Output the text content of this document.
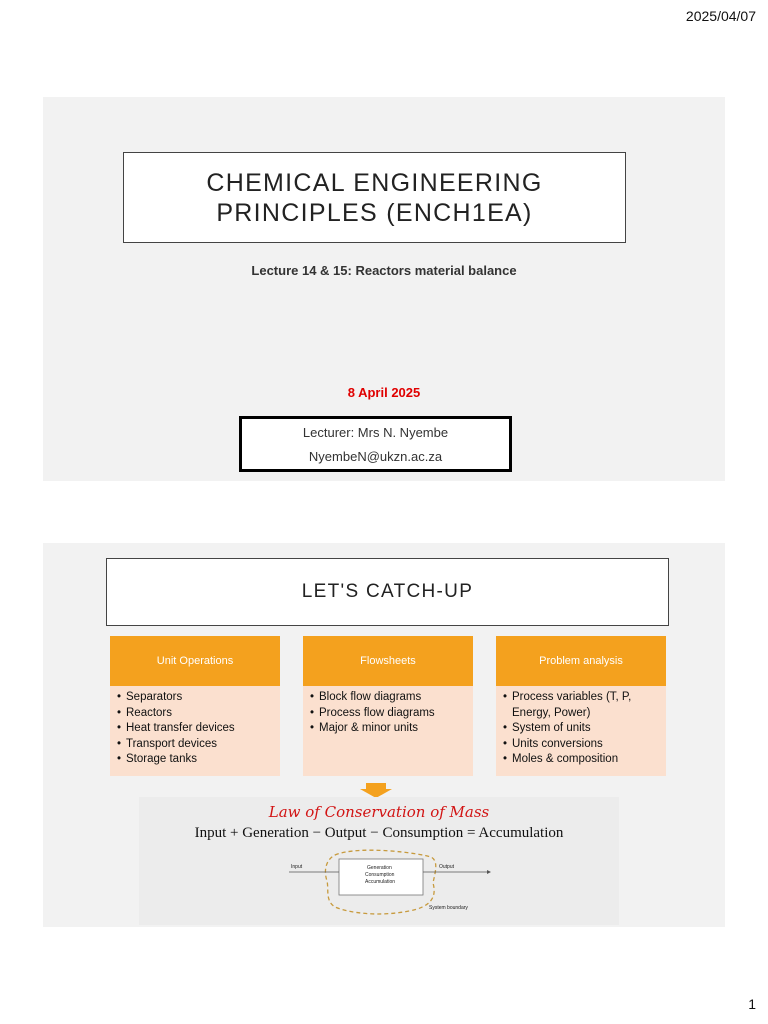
2025/04/07
CHEMICAL ENGINEERING PRINCIPLES (ENCH1EA)
Lecture 14 & 15: Reactors material balance
8 April 2025
Lecturer: Mrs N. Nyembe
NyembeN@ukzn.ac.za
LET'S CATCH-UP
Unit Operations
• Separators
• Reactors
• Heat transfer devices
• Transport devices
• Storage tanks
Flowsheets
• Block flow diagrams
• Process flow diagrams
• Major & minor units
Problem analysis
• Process variables (T, P, Energy, Power)
• System of units
• Units conversions
• Moles & composition
Law of Conservation of Mass
Input + Generation − Output − Consumption = Accumulation
Generation
Consumption
Accumulation
Input	Output
System boundary
1
